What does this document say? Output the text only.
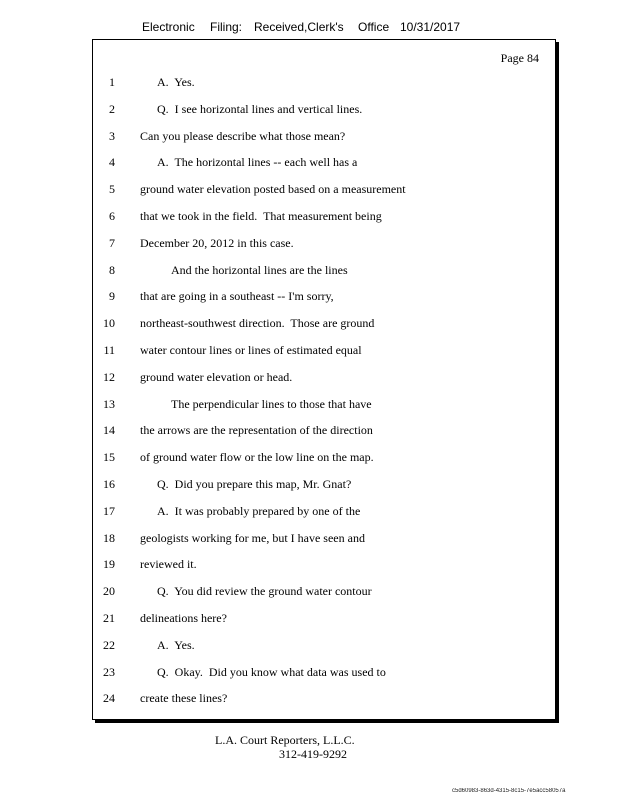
Electronic Filing: Received,Clerk's Office 10/31/2017
Page 84
1	A.  Yes.
2	Q.  I see horizontal lines and vertical lines.
3 Can you please describe what those mean?
4	A.  The horizontal lines -- each well has a
5 ground water elevation posted based on a measurement
6 that we took in the field.  That measurement being
7 December 20, 2012 in this case.
8	And the horizontal lines are the lines
9 that are going in a southeast -- I'm sorry,
10 northeast-southwest direction.  Those are ground
11 water contour lines or lines of estimated equal
12 ground water elevation or head.
13	The perpendicular lines to those that have
14 the arrows are the representation of the direction
15 of ground water flow or the low line on the map.
16	Q.  Did you prepare this map, Mr. Gnat?
17	A.  It was probably prepared by one of the
18 geologists working for me, but I have seen and
19 reviewed it.
20	Q.  You did review the ground water contour
21 delineations here?
22	A.  Yes.
23	Q.  Okay.  Did you know what data was used to
24 create these lines?
L.A. Court Reporters, L.L.C.
312-419-9292
c5d60983-863d-4315-8c15-7e5acc58057a
